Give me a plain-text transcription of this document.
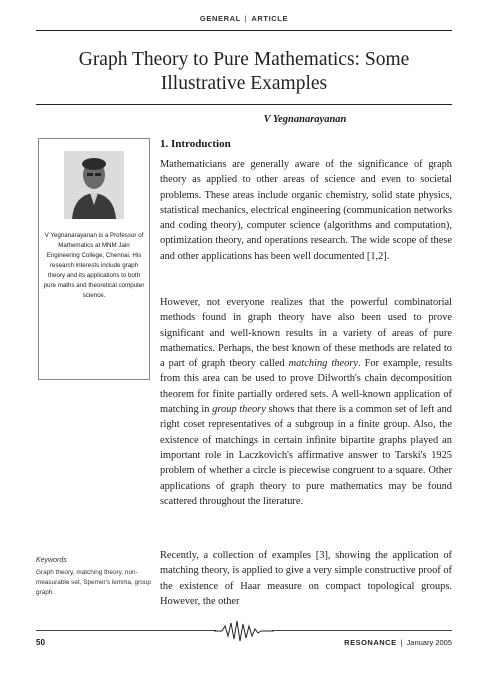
GENERAL | ARTICLE
Graph Theory to Pure Mathematics: Some
Illustrative Examples
V Yegnanarayanan
V Yegnanarayanan is a Professor of Mathematics at MNM Jain Engineering College, Chennai. His research interests include graph theory and its applications to both pure maths and theoretical computer science.
Keywords
Graph theory, matching theory, non-measurable set, Spemer's lemma, group graph.
1. Introduction

Mathematicians are generally aware of the significance of graph theory as applied to other areas of science and even to societal problems. These areas include organic chemistry, solid state physics, statistical mechanics, electrical engineering (communication networks and coding theory), computer science (algorithms and computation), optimization theory, and operations research. The wide scope of these and other applications has been well documented [1,2].

However, not everyone realizes that the powerful combinatorial methods found in graph theory have also been used to prove significant and well-known results in a variety of areas of pure mathematics. Perhaps, the best known of these methods are related to a part of graph theory called matching theory. For example, results from this area can be used to prove Dilworth's chain decomposition theorem for finite partially ordered sets. A well-known application of matching in group theory shows that there is a common set of left and right coset representatives of a subgroup in a finite group. Also, the existence of matchings in certain infinite bipartite graphs played an important role in Laczkovich's affirmative answer to Tarski's 1925 problem of whether a circle is piecewise congruent to a square. Other applications of graph theory to pure mathematics may be found scattered throughout the literature.

Recently, a collection of examples [3], showing the application of matching theory, is applied to give a very simple constructive proof of the existence of Haar measure on compact topological groups. However, the other

50	RESONANCE | January 2005
